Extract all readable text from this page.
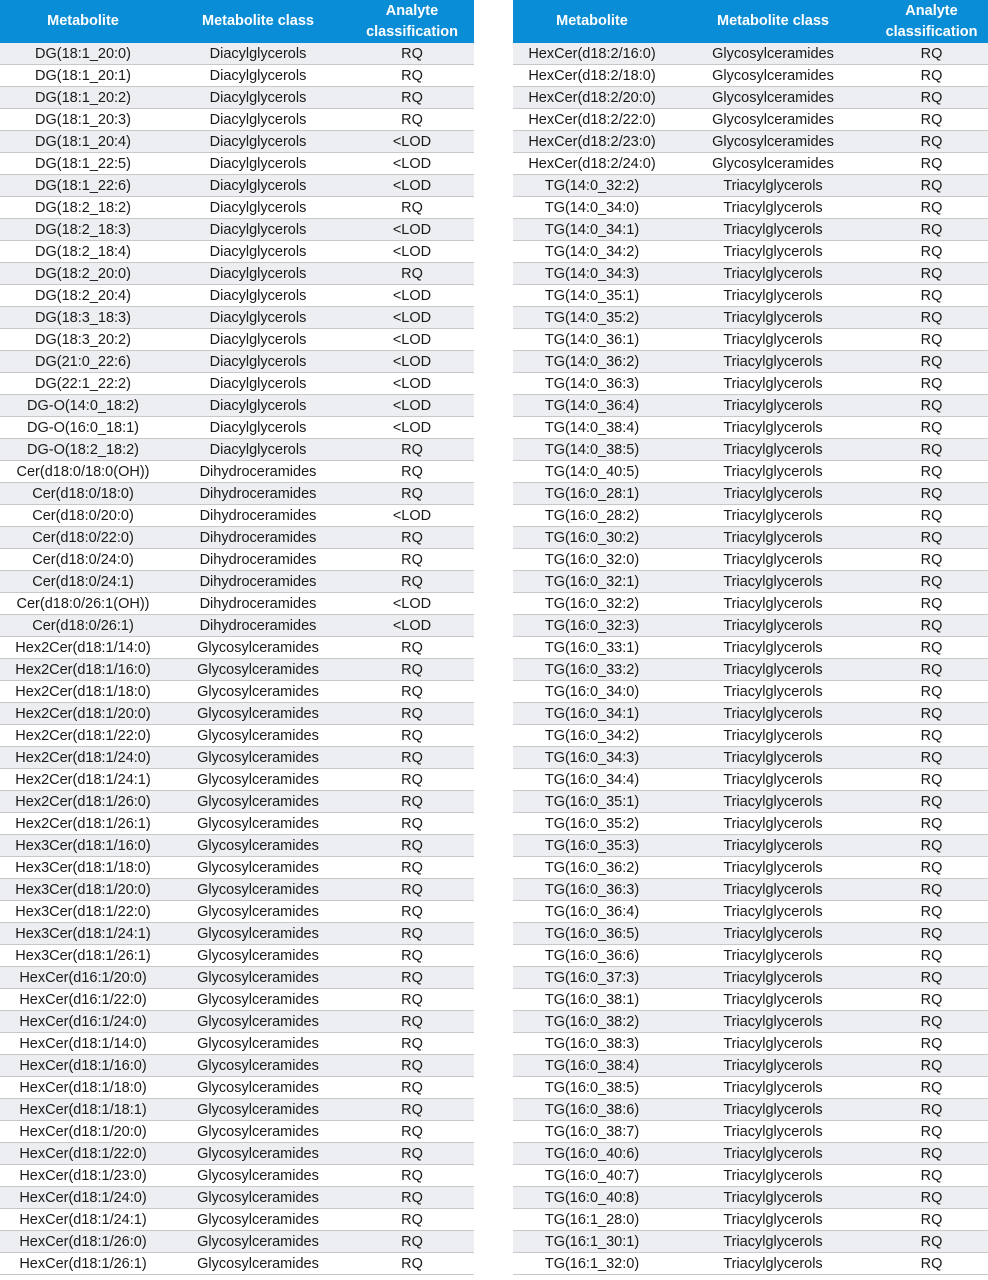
Metabolite	Metabolite class	Analyte classification
DG(18:1_20:0)	Diacylglycerols	RQ
DG(18:1_20:1)	Diacylglycerols	RQ
DG(18:1_20:2)	Diacylglycerols	RQ
DG(18:1_20:3)	Diacylglycerols	RQ
DG(18:1_20:4)	Diacylglycerols	<LOD
DG(18:1_22:5)	Diacylglycerols	<LOD
DG(18:1_22:6)	Diacylglycerols	<LOD
DG(18:2_18:2)	Diacylglycerols	RQ
DG(18:2_18:3)	Diacylglycerols	<LOD
DG(18:2_18:4)	Diacylglycerols	<LOD
DG(18:2_20:0)	Diacylglycerols	RQ
DG(18:2_20:4)	Diacylglycerols	<LOD
DG(18:3_18:3)	Diacylglycerols	<LOD
DG(18:3_20:2)	Diacylglycerols	<LOD
DG(21:0_22:6)	Diacylglycerols	<LOD
DG(22:1_22:2)	Diacylglycerols	<LOD
DG-O(14:0_18:2)	Diacylglycerols	<LOD
DG-O(16:0_18:1)	Diacylglycerols	<LOD
DG-O(18:2_18:2)	Diacylglycerols	RQ
Cer(d18:0/18:0(OH))	Dihydroceramides	RQ
Cer(d18:0/18:0)	Dihydroceramides	RQ
Cer(d18:0/20:0)	Dihydroceramides	<LOD
Cer(d18:0/22:0)	Dihydroceramides	RQ
Cer(d18:0/24:0)	Dihydroceramides	RQ
Cer(d18:0/24:1)	Dihydroceramides	RQ
Cer(d18:0/26:1(OH))	Dihydroceramides	<LOD
Cer(d18:0/26:1)	Dihydroceramides	<LOD
Hex2Cer(d18:1/14:0)	Glycosylceramides	RQ
Hex2Cer(d18:1/16:0)	Glycosylceramides	RQ
Hex2Cer(d18:1/18:0)	Glycosylceramides	RQ
Hex2Cer(d18:1/20:0)	Glycosylceramides	RQ
Hex2Cer(d18:1/22:0)	Glycosylceramides	RQ
Hex2Cer(d18:1/24:0)	Glycosylceramides	RQ
Hex2Cer(d18:1/24:1)	Glycosylceramides	RQ
Hex2Cer(d18:1/26:0)	Glycosylceramides	RQ
Hex2Cer(d18:1/26:1)	Glycosylceramides	RQ
Hex3Cer(d18:1/16:0)	Glycosylceramides	RQ
Hex3Cer(d18:1/18:0)	Glycosylceramides	RQ
Hex3Cer(d18:1/20:0)	Glycosylceramides	RQ
Hex3Cer(d18:1/22:0)	Glycosylceramides	RQ
Hex3Cer(d18:1/24:1)	Glycosylceramides	RQ
Hex3Cer(d18:1/26:1)	Glycosylceramides	RQ
HexCer(d16:1/20:0)	Glycosylceramides	RQ
HexCer(d16:1/22:0)	Glycosylceramides	RQ
HexCer(d16:1/24:0)	Glycosylceramides	RQ
HexCer(d18:1/14:0)	Glycosylceramides	RQ
HexCer(d18:1/16:0)	Glycosylceramides	RQ
HexCer(d18:1/18:0)	Glycosylceramides	RQ
HexCer(d18:1/18:1)	Glycosylceramides	RQ
HexCer(d18:1/20:0)	Glycosylceramides	RQ
HexCer(d18:1/22:0)	Glycosylceramides	RQ
HexCer(d18:1/23:0)	Glycosylceramides	RQ
HexCer(d18:1/24:0)	Glycosylceramides	RQ
HexCer(d18:1/24:1)	Glycosylceramides	RQ
HexCer(d18:1/26:0)	Glycosylceramides	RQ
HexCer(d18:1/26:1)	Glycosylceramides	RQ
Metabolite	Metabolite class	Analyte classification
HexCer(d18:2/16:0)	Glycosylceramides	RQ
HexCer(d18:2/18:0)	Glycosylceramides	RQ
HexCer(d18:2/20:0)	Glycosylceramides	RQ
HexCer(d18:2/22:0)	Glycosylceramides	RQ
HexCer(d18:2/23:0)	Glycosylceramides	RQ
HexCer(d18:2/24:0)	Glycosylceramides	RQ
TG(14:0_32:2)	Triacylglycerols	RQ
TG(14:0_34:0)	Triacylglycerols	RQ
TG(14:0_34:1)	Triacylglycerols	RQ
TG(14:0_34:2)	Triacylglycerols	RQ
TG(14:0_34:3)	Triacylglycerols	RQ
TG(14:0_35:1)	Triacylglycerols	RQ
TG(14:0_35:2)	Triacylglycerols	RQ
TG(14:0_36:1)	Triacylglycerols	RQ
TG(14:0_36:2)	Triacylglycerols	RQ
TG(14:0_36:3)	Triacylglycerols	RQ
TG(14:0_36:4)	Triacylglycerols	RQ
TG(14:0_38:4)	Triacylglycerols	RQ
TG(14:0_38:5)	Triacylglycerols	RQ
TG(14:0_40:5)	Triacylglycerols	RQ
TG(16:0_28:1)	Triacylglycerols	RQ
TG(16:0_28:2)	Triacylglycerols	RQ
TG(16:0_30:2)	Triacylglycerols	RQ
TG(16:0_32:0)	Triacylglycerols	RQ
TG(16:0_32:1)	Triacylglycerols	RQ
TG(16:0_32:2)	Triacylglycerols	RQ
TG(16:0_32:3)	Triacylglycerols	RQ
TG(16:0_33:1)	Triacylglycerols	RQ
TG(16:0_33:2)	Triacylglycerols	RQ
TG(16:0_34:0)	Triacylglycerols	RQ
TG(16:0_34:1)	Triacylglycerols	RQ
TG(16:0_34:2)	Triacylglycerols	RQ
TG(16:0_34:3)	Triacylglycerols	RQ
TG(16:0_34:4)	Triacylglycerols	RQ
TG(16:0_35:1)	Triacylglycerols	RQ
TG(16:0_35:2)	Triacylglycerols	RQ
TG(16:0_35:3)	Triacylglycerols	RQ
TG(16:0_36:2)	Triacylglycerols	RQ
TG(16:0_36:3)	Triacylglycerols	RQ
TG(16:0_36:4)	Triacylglycerols	RQ
TG(16:0_36:5)	Triacylglycerols	RQ
TG(16:0_36:6)	Triacylglycerols	RQ
TG(16:0_37:3)	Triacylglycerols	RQ
TG(16:0_38:1)	Triacylglycerols	RQ
TG(16:0_38:2)	Triacylglycerols	RQ
TG(16:0_38:3)	Triacylglycerols	RQ
TG(16:0_38:4)	Triacylglycerols	RQ
TG(16:0_38:5)	Triacylglycerols	RQ
TG(16:0_38:6)	Triacylglycerols	RQ
TG(16:0_38:7)	Triacylglycerols	RQ
TG(16:0_40:6)	Triacylglycerols	RQ
TG(16:0_40:7)	Triacylglycerols	RQ
TG(16:0_40:8)	Triacylglycerols	RQ
TG(16:1_28:0)	Triacylglycerols	RQ
TG(16:1_30:1)	Triacylglycerols	RQ
TG(16:1_32:0)	Triacylglycerols	RQ
